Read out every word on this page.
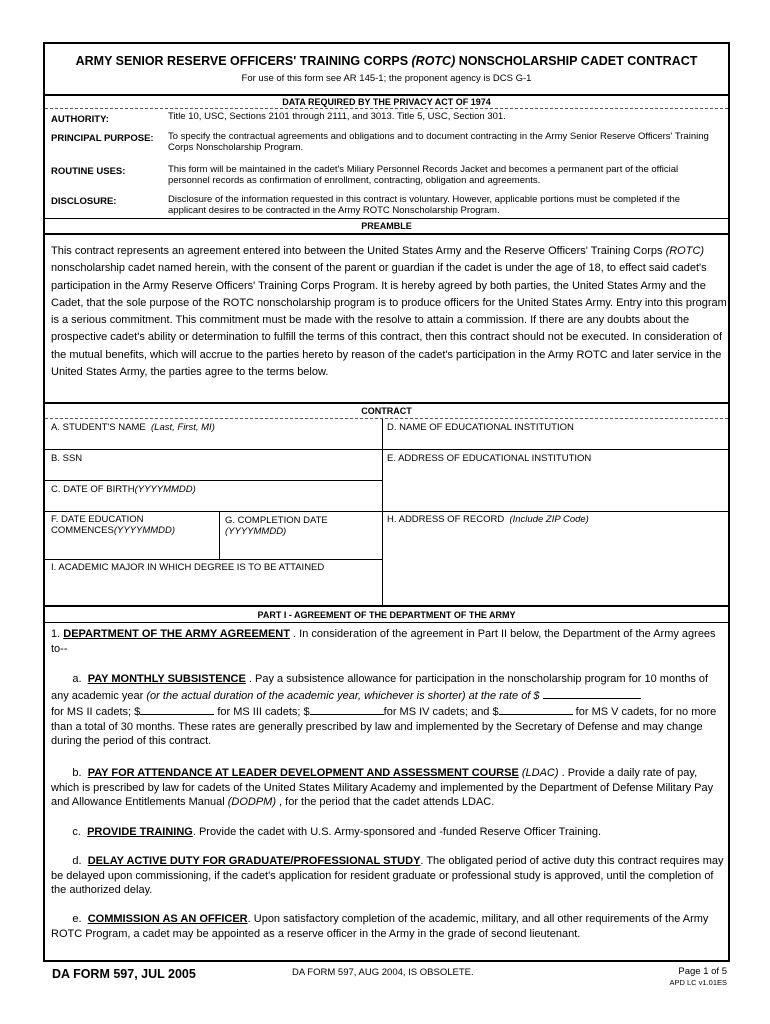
ARMY SENIOR RESERVE OFFICERS' TRAINING CORPS (ROTC) NONSCHOLARSHIP CADET CONTRACT
For use of this form see AR 145-1; the proponent agency is DCS G-1
DATA REQUIRED BY THE PRIVACY ACT OF 1974
AUTHORITY:	Title 10, USC, Sections 2101 through 2111, and 3013. Title 5, USC, Section 301.
PRINCIPAL PURPOSE: To specify the contractual agreements and obligations and to document contracting in the Army Senior Reserve Officers' Training Corps Nonscholarship Program.
ROUTINE USES:	This form will be maintained in the cadet's Miliary Personnel Records Jacket and becomes a permanent part of the official personnel records as confirmation of enrollment, contracting, obligation and agreements.
DISCLOSURE:	Disclosure of the information requested in this contract is voluntary. However, applicable portions must be completed if the applicant desires to be contracted in the Army ROTC Nonscholarship Program.
PREAMBLE
This contract represents an agreement entered into between the United States Army and the Reserve Officers' Training Corps (ROTC) nonscholarship cadet named herein, with the consent of the parent or guardian if the cadet is under the age of 18, to effect said cadet's participation in the Army Reserve Officers' Training Corps Program. It is hereby agreed by both parties, the United States Army and the Cadet, that the sole purpose of the ROTC nonscholarship program is to produce officers for the United States Army. Entry into this program is a serious commitment. This commitment must be made with the resolve to attain a commission. If there are any doubts about the prospective cadet's ability or determination to fulfill the terms of this contract, then this contract should not be executed. In consideration of the mutual benefits, which will accrue to the parties hereto by reason of the cadet's participation in the Army ROTC and later service in the United States Army, the parties agree to the terms below.
CONTRACT
A. STUDENT'S NAME (Last, First, MI)
B. SSN
C. DATE OF BIRTH(YYYYMMDD)
D. NAME OF EDUCATIONAL INSTITUTION
E. ADDRESS OF EDUCATIONAL INSTITUTION
F. DATE EDUCATION
COMMENCES(YYYYMMDD)
G. COMPLETION DATE
(YYYYMMDD)
H. ADDRESS OF RECORD (Include ZIP Code)
I. ACADEMIC MAJOR IN WHICH DEGREE IS TO BE ATTAINED
PART I - AGREEMENT OF THE DEPARTMENT OF THE ARMY
1. DEPARTMENT OF THE ARMY AGREEMENT . In consideration of the agreement in Part II below, the Department of the Army agrees to--
a. PAY MONTHLY SUBSISTENCE . Pay a subsistence allowance for participation in the nonscholarship program for 10 months of any academic year (or the actual duration of the academic year, whichever is shorter) at the rate of $
for MS II cadets; $	for MS III cadets; $	for MS IV cadets; and $	for MS V cadets, for no more than a total of 30 months. These rates are generally prescribed by law and implemented by the Secretary of Defense and may change during the period of this contract.
b. PAY FOR ATTENDANCE AT LEADER DEVELOPMENT AND ASSESSMENT COURSE (LDAC) . Provide a daily rate of pay, which is prescribed by law for cadets of the United States Military Academy and implemented by the Department of Defense Military Pay and Allowance Entitlements Manual (DODPM) , for the period that the cadet attends LDAC.
c. PROVIDE TRAINING. Provide the cadet with U.S. Army-sponsored and -funded Reserve Officer Training.
d. DELAY ACTIVE DUTY FOR GRADUATE/PROFESSIONAL STUDY. The obligated period of active duty this contract requires may be delayed upon commissioning, if the cadet's application for resident graduate or professional study is approved, until the completion of the authorized delay.
e. COMMISSION AS AN OFFICER. Upon satisfactory completion of the academic, military, and all other requirements of the Army ROTC Program, a cadet may be appointed as a reserve officer in the Army in the grade of second lieutenant.
DA FORM 597, JUL 2005	DA FORM 597, AUG 2004, IS OBSOLETE.	Page 1 of 5
APD LC v1.01ES
